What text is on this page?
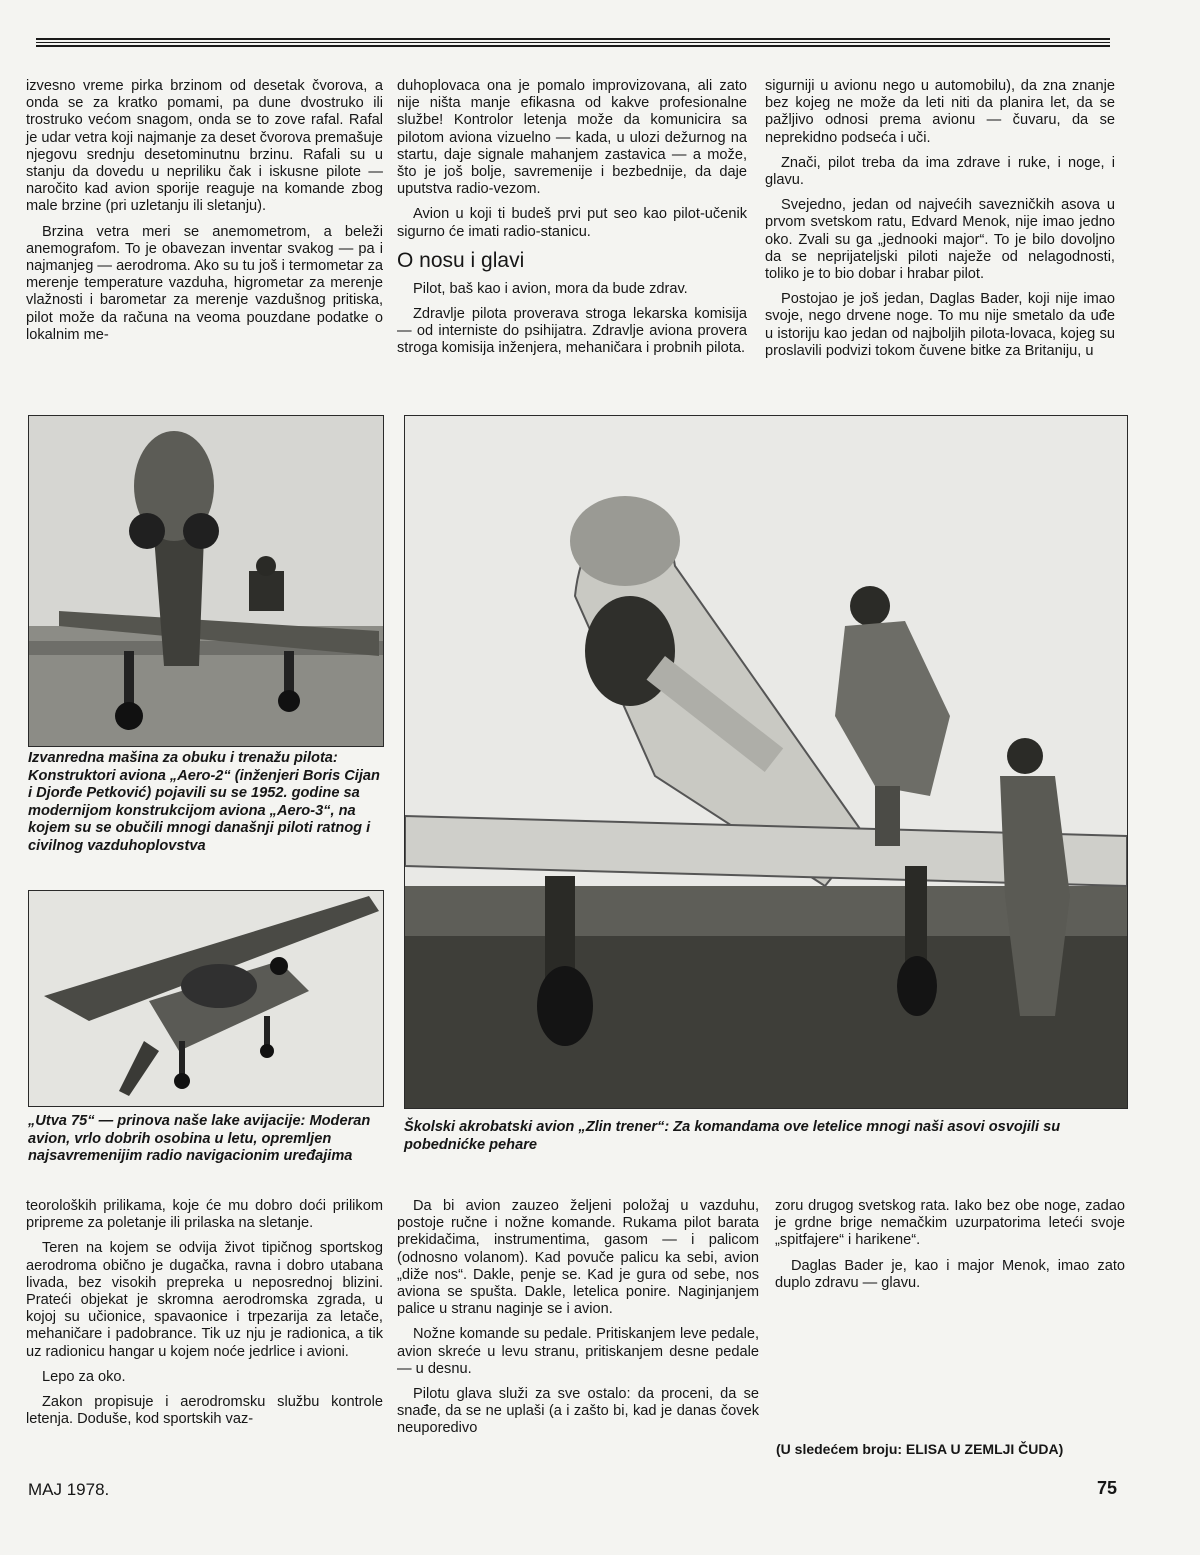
izvesno vreme pirka brzinom od desetak čvorova, a onda se za kratko pomami, pa dune dvostruko ili trostruko većom snagom, onda se to zove rafal. Rafal je udar vetra koji najmanje za deset čvorova premašuje njegovu srednju desetominutnu brzinu. Rafali su u stanju da dovedu u nepriliku čak i iskusne pilote — naročito kad avion sporije reaguje na komande zbog male brzine (pri uzletanju ili sletanju).

Brzina vetra meri se anemometrom, a beleži anemografom. To je obavezan inventar svakog — pa i najmanjeg — aerodroma. Ako su tu još i termometar za merenje temperature vazduha, higrometar za merenje vlažnosti i barometar za merenje vazdušnog pritiska, pilot može da računa na veoma pouzdane podatke o lokalnim me-

duhoplovaca ona je pomalo improvizovana, ali zato nije ništa manje efikasna od kakve profesionalne službe! Kontrolor letenja može da komunicira sa pilotom aviona vizuelno — kada, u ulozi dežurnog na startu, daje signale mahanjem zastavica — a može, što je još bolje, savremenije i bezbednije, da daje uputstva radio-vezom.

Avion u koji ti budeš prvi put seo kao pilot-učenik sigurno će imati radio-stanicu.

O nosu i glavi

Pilot, baš kao i avion, mora da bude zdrav.

Zdravlje pilota proverava stroga lekarska komisija — od interniste do psihijatra. Zdravlje aviona provera stroga komisija inženjera, mehaničara i probnih pilota.

sigurniji u avionu nego u automobilu), da zna znanje bez kojeg ne može da leti niti da planira let, da se pažljivo odnosi prema avionu — čuvaru, da se neprekidno podseća i uči.

Znači, pilot treba da ima zdrave i ruke, i noge, i glavu.

Svejedno, jedan od najvećih savezničkih asova u prvom svetskom ratu, Edvard Menok, nije imao jedno oko. Zvali su ga „jednooki major“. To je bilo dovoljno da se neprijateljski piloti naježe od nelagodnosti, toliko je to bio dobar i hrabar pilot.

Postojao je još jedan, Daglas Bader, koji nije imao svoje, nego drvene noge. To mu nije smetalo da uđe u istoriju kao jedan od najboljih pilota-lovaca, kojeg su proslavili podvizi tokom čuvene bitke za Britaniju, u

Izvanredna mašina za obuku i trenažu pilota: Konstruktori aviona „Aero-2“ (inženjeri Boris Cijan i Djorđe Petković) pojavili su se 1952. godine sa modernijom konstrukcijom aviona „Aero-3“, na kojem su se obučili mnogi današnji piloti ratnog i civilnog vazduhoplovstva
„Utva 75“ — prinova naše lake avijacije: Moderan avion, vrlo dobrih osobina u letu, opremljen najsavremenijim radio navigacionim uređajima
Školski akrobatski avion „Zlin trener“: Za komandama ove letelice mnogi naši asovi osvojili su pobednićke pehare

teoroloških prilikama, koje će mu dobro doći prilikom pripreme za poletanje ili prilaska na sletanje.

Teren na kojem se odvija život tipičnog sportskog aerodroma obično je dugačka, ravna i dobro utabana livada, bez visokih prepreka u neposrednoj blizini. Prateći objekat je skromna aerodromska zgrada, u kojoj su učionice, spavaonice i trpezarija za letače, mehaničare i padobrance. Tik uz nju je radionica, a tik uz radionicu hangar u kojem noće jedrlice i avioni.

Lepo za oko.

Zakon propisuje i aerodromsku službu kontrole letenja. Doduše, kod sportskih vaz-

Da bi avion zauzeo željeni položaj u vazduhu, postoje ručne i nožne komande. Rukama pilot barata prekidačima, instrumentima, gasom — i palicom (odnosno volanom). Kad povuče palicu ka sebi, avion „diže nos“. Dakle, penje se. Kad je gura od sebe, nos aviona se spušta. Dakle, letelica ponire. Naginjanjem palice u stranu naginje se i avion.

Nožne komande su pedale. Pritiskanjem leve pedale, avion skreće u levu stranu, pritiskanjem desne pedale — u desnu.

Pilotu glava služi za sve ostalo: da proceni, da se snađe, da se ne uplaši (a i zašto bi, kad je danas čovek neuporedivo

zoru drugog svetskog rata. Iako bez obe noge, zadao je grdne brige nemačkim uzurpatorima leteći svoje „spitfajere“ i harikene“.

Daglas Bader je, kao i major Menok, imao zato duplo zdravu — glavu.

(U sledećem broju: ELISA U ZEMLJI ČUDA)
MAJ 1978.	75
